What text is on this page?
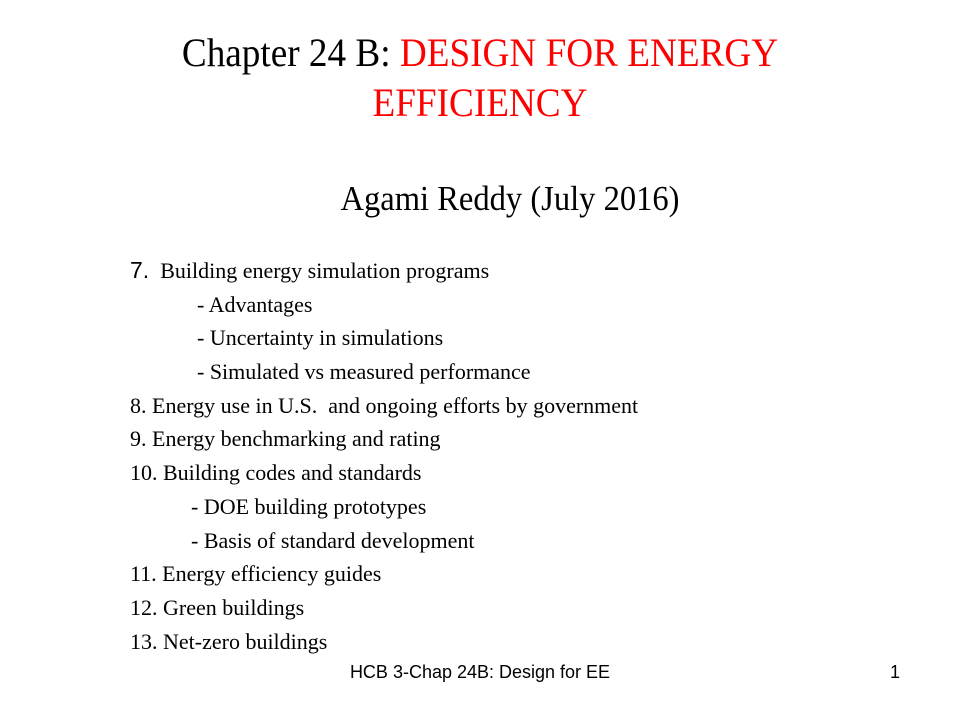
Chapter 24 B: DESIGN FOR ENERGY EFFICIENCY
Agami Reddy (July 2016)
7.  Building energy simulation programs
- Advantages
- Uncertainty in simulations
- Simulated vs measured performance
8. Energy use in U.S.  and ongoing efforts by government
9. Energy benchmarking and rating
10. Building codes and standards
- DOE building prototypes
- Basis of standard development
11. Energy efficiency guides
12. Green buildings
13. Net-zero buildings
HCB 3-Chap 24B: Design for EE	1
